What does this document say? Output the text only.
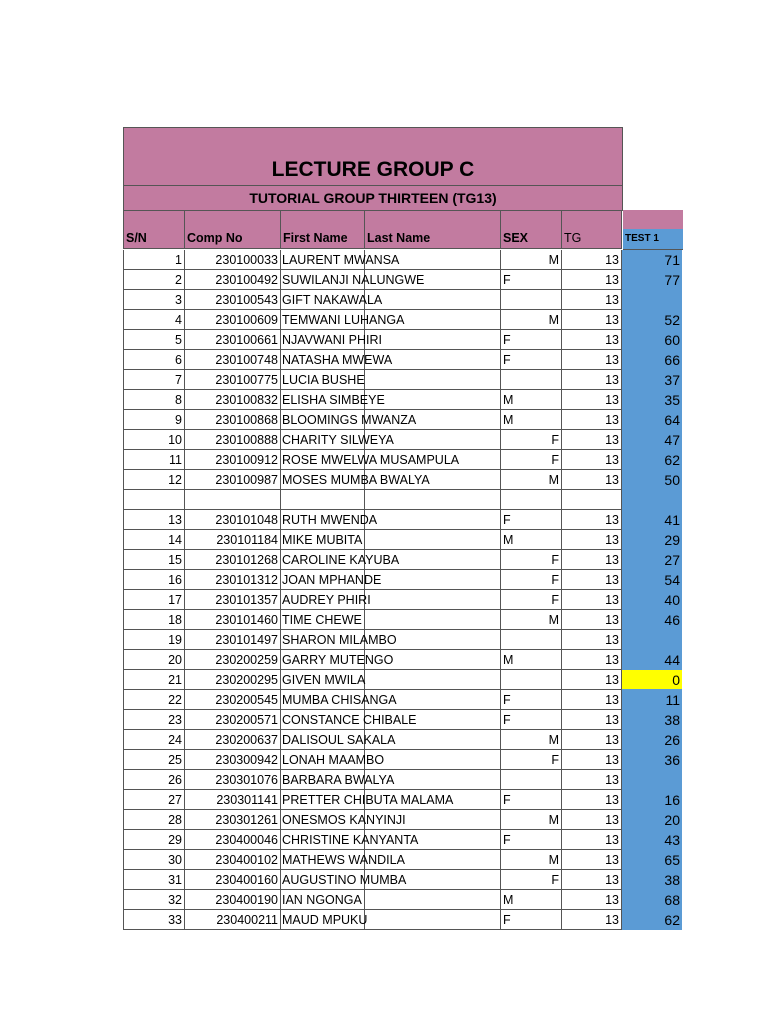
LECTURE GROUP C
TUTORIAL GROUP THIRTEEN (TG13)
S/N	Comp No	First Name Last Name	SEX	TG	TEST 1
1	230100033 LAURENT MWANSA	M	13	71
2	230100492 SUWILANJI NALUNGWE	F	13	77
3	230100543 GIFT NAKAWALA	13
4	230100609 TEMWANI LUHANGA	M	13	52
5	230100661 NJAVWANI PHIRI	F	13	60
6	230100748 NATASHA MWEWA	F	13	66
7	230100775 LUCIA BUSHE	13	37
8	230100832 ELISHA SIMBEYE	M	13	35
9	230100868 BLOOMINGS MWANZA	M	13	64
10	230100888 CHARITY SILWEYA	F	13	47
11	230100912 ROSE MWELWA MUSAMPULA	F	13	62
12	230100987 MOSES MUMBA BWALYA	M	13	50
13	230101048 RUTH MWENDA	F	13	41
14	230101184 MIKE MUBITA	M	13	29
15	230101268 CAROLINE KAYUBA	F	13	27
16	230101312 JOAN MPHANDE	F	13	54
17	230101357 AUDREY PHIRI	F	13	40
18	230101460 TIME CHEWE	M	13	46
19	230101497 SHARON MILAMBO	13
20	230200259 GARRY MUTENGO	M	13	44
21	230200295 GIVEN MWILA	13	0
22	230200545 MUMBA CHISANGA	F	13	11
23	230200571 CONSTANCE CHIBALE	F	13	38
24	230200637 DALISOUL SAKALA	M	13	26
25	230300942 LONAH MAAMBO	F	13	36
26	230301076 BARBARA BWALYA	13
27	230301141 PRETTER CHIBUTA MALAMA	F	13	16
28	230301261 ONESMOS KANYINJI	M	13	20
29	230400046 CHRISTINE KANYANTA	F	13	43
30	230400102 MATHEWS WANDILA	M	13	65
31	230400160 AUGUSTINO MUMBA	F	13	38
32	230400190 IAN NGONGA	M	13	68
33	230400211 MAUD MPUKU	F	13	62
